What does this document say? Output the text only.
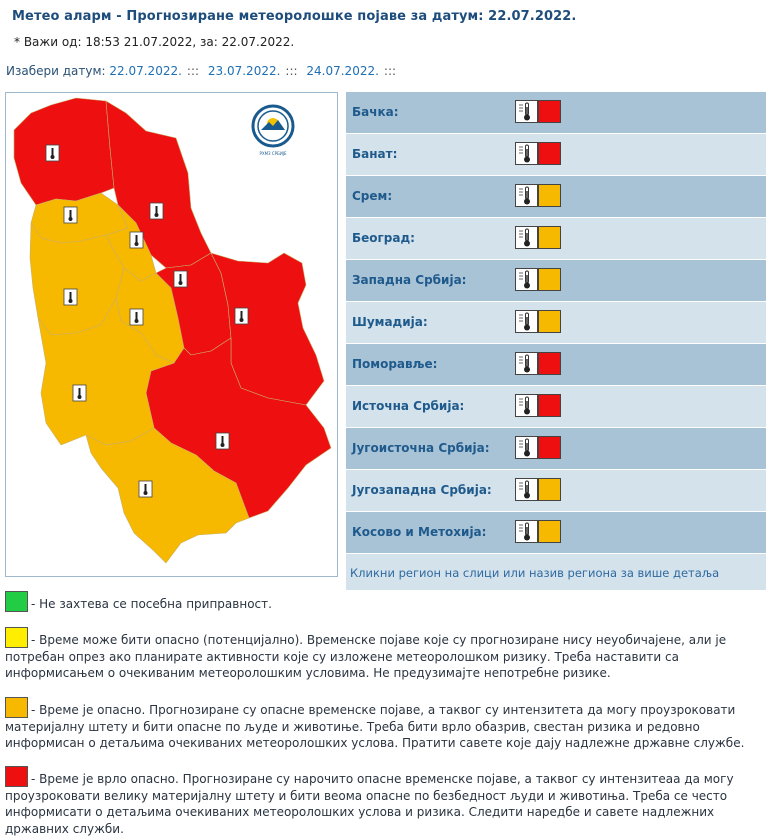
Метео аларм - Прогнозиране метеоролошке појаве за датум: 22.07.2022.
* Важи од: 18:53 21.07.2022, за: 22.07.2022.
Изабери датум: 22.07.2022. ::: 23.07.2022. ::: 24.07.2022. :::
РХМЗ СРБИЈЕ
Бачка:
Банат:
Срем:
Београд:
Западна Србија:
Шумадија:
Поморавље:
Источна Србија:
Југоисточна Србија:
Југозападна Србија:
Косово и Метохија:
Кликни регион на слици или назив региона за више детаља
- Не захтева се посебна приправност.
- Време може бити опасно (потенцијално). Временске појаве које су прогнозиране нису неуобичајене, али је потребан опрез ако планирате активности које су изложене метеоролошком ризику. Треба наставити са информисањем о очекиваним метеоролошким условима. Не предузимајте непотребне ризике.
- Време је опасно. Прогнозиране су опасне временске појаве, а таквог су интензитета да могу проузроковати материјалну штету и бити опасне по људе и животиње. Треба бити врло обазрив, свестан ризика и редовно информисан о детаљима очекиваних метеоролошких услова. Пратити савете које дају надлежне државне службе.
- Време је врло опасно. Прогнозиране су нарочито опасне временске појаве, а таквог су интензитеаа да могу проузроковати велику материјалну штету и бити веома опасне по безбедност људи и животиња. Треба се често информисати о детаљима очекиваних метеоролошких услова и ризика. Следити наредбе и савете надлежних државних служби.
